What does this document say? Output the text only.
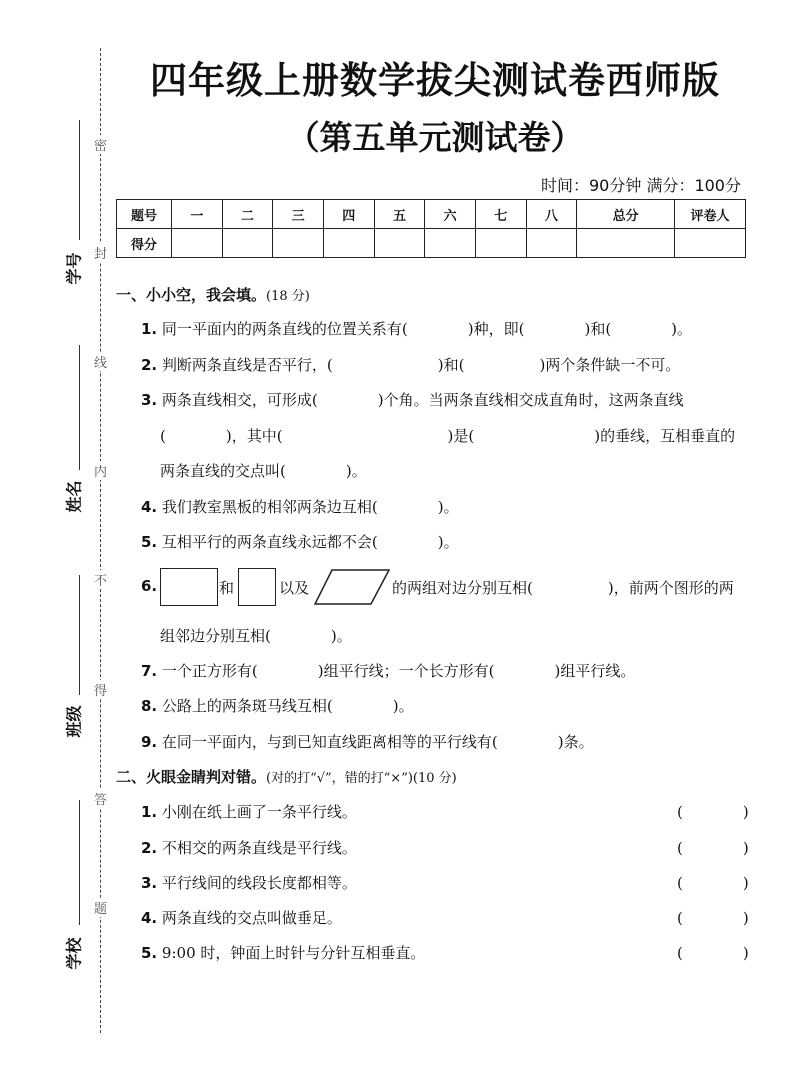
密
封
线
内
不
得
答
题
学号
姓名
班级
学校
四年级上册数学拔尖测试卷西师版
（第五单元测试卷）
时间：90分钟 满分：100分
题号	一	二	三	四	五	六	七	八	总分	评卷人
得分										
一、小小空，我会填。(18 分)
1. 同一平面内的两条直线的位置关系有(　　　　)种，即(　　　　)和(　　　　)。
2. 判断两条直线是否平行，(　　　　　　　)和(　　　　　)两个条件缺一不可。
3. 两条直线相交，可形成(　　　　)个角。当两条直线相交成直角时，这两条直线
(　　　　)，其中(　　　　　　　　　　　)是(　　　　　　　　)的垂线，互相垂直的
两条直线的交点叫(　　　　)。
4. 我们教室黑板的相邻两条边互相(　　　　)。
5. 互相平行的两条直线永远都不会(　　　　)。
6.	和	以及	的两组对边分别互相(　　　　　)，前两个图形的两
组邻边分别互相(　　　　)。
7. 一个正方形有(　　　　)组平行线；一个长方形有(　　　　)组平行线。
8. 公路上的两条斑马线互相(　　　　)。
9. 在同一平面内，与到已知直线距离相等的平行线有(　　　　)条。
二、火眼金睛判对错。(对的打“√”，错的打“×”)(10 分)
1. 小刚在纸上画了一条平行线。	(　　　　)
2. 不相交的两条直线是平行线。	(　　　　)
3. 平行线间的线段长度都相等。	(　　　　)
4. 两条直线的交点叫做垂足。	(　　　　)
5. 9:00 时，钟面上时针与分针互相垂直。	(　　　　)
